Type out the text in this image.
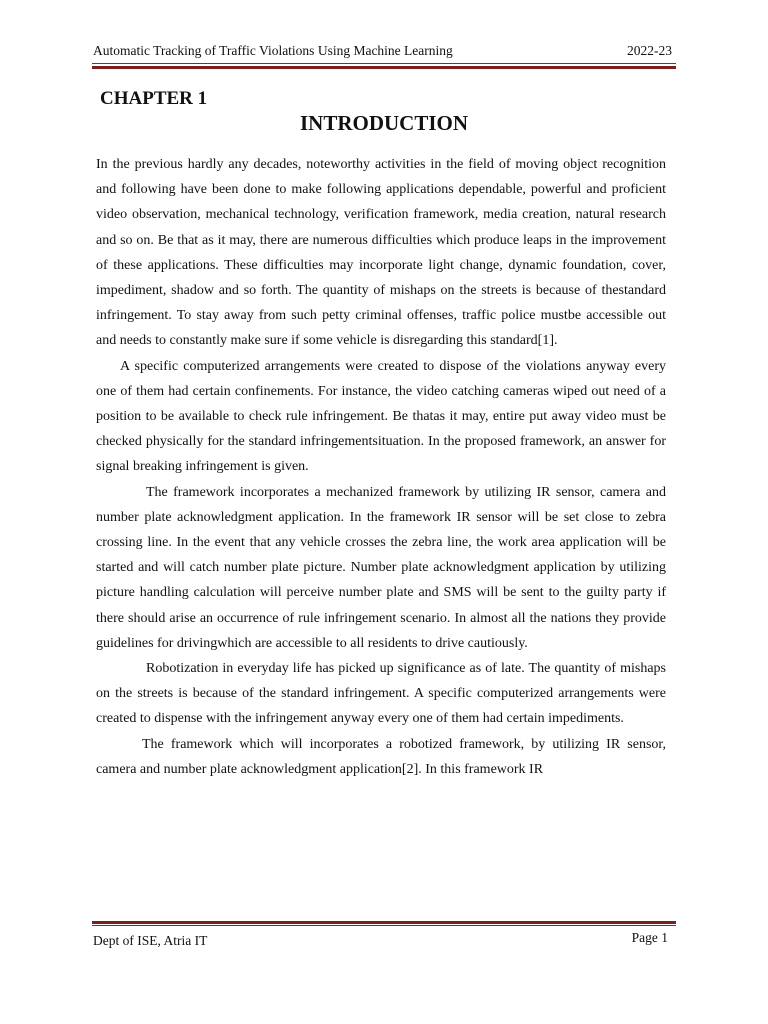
Automatic Tracking of Traffic Violations Using Machine Learning	2022-23
CHAPTER 1
INTRODUCTION

In the previous hardly any decades, noteworthy activities in the field of moving object recognition and following have been done to make following applications dependable, powerful and proficient video observation, mechanical technology, verification framework, media creation, natural research and so on. Be that as it may, there are numerous difficulties which produce leaps in the improvement of these applications. These difficulties may incorporate light change, dynamic foundation, cover, impediment, shadow and so forth. The quantity of mishaps on the streets is because of thestandard infringement. To stay away from such petty criminal offenses, traffic police mustbe accessible out and needs to constantly make sure if some vehicle is disregarding this standard[1].

A specific computerized arrangements were created to dispose of the violations anyway every one of them had certain confinements. For instance, the video catching cameras wiped out need of a position to be available to check rule infringement. Be thatas it may, entire put away video must be checked physically for the standard infringementsituation. In the proposed framework, an answer for signal breaking infringement is given.

The framework incorporates a mechanized framework by utilizing IR sensor, camera and number plate acknowledgment application. In the framework IR sensor will be set close to zebra crossing line. In the event that any vehicle crosses the zebra line, the work area application will be started and will catch number plate picture. Number plate acknowledgment application by utilizing picture handling calculation will perceive number plate and SMS will be sent to the guilty party if there should arise an occurrence of rule infringement scenario. In almost all the nations they provide guidelines for drivingwhich are accessible to all residents to drive cautiously.

Robotization in everyday life has picked up significance as of late. The quantity of mishaps on the streets is because of the standard infringement. A specific computerized arrangements were created to dispense with the infringement anyway every one of them had certain impediments.

The framework which will incorporates a robotized framework, by utilizing IR sensor, camera and number plate acknowledgment application[2]. In this framework IR

Dept of ISE, Atria IT	Page 1
